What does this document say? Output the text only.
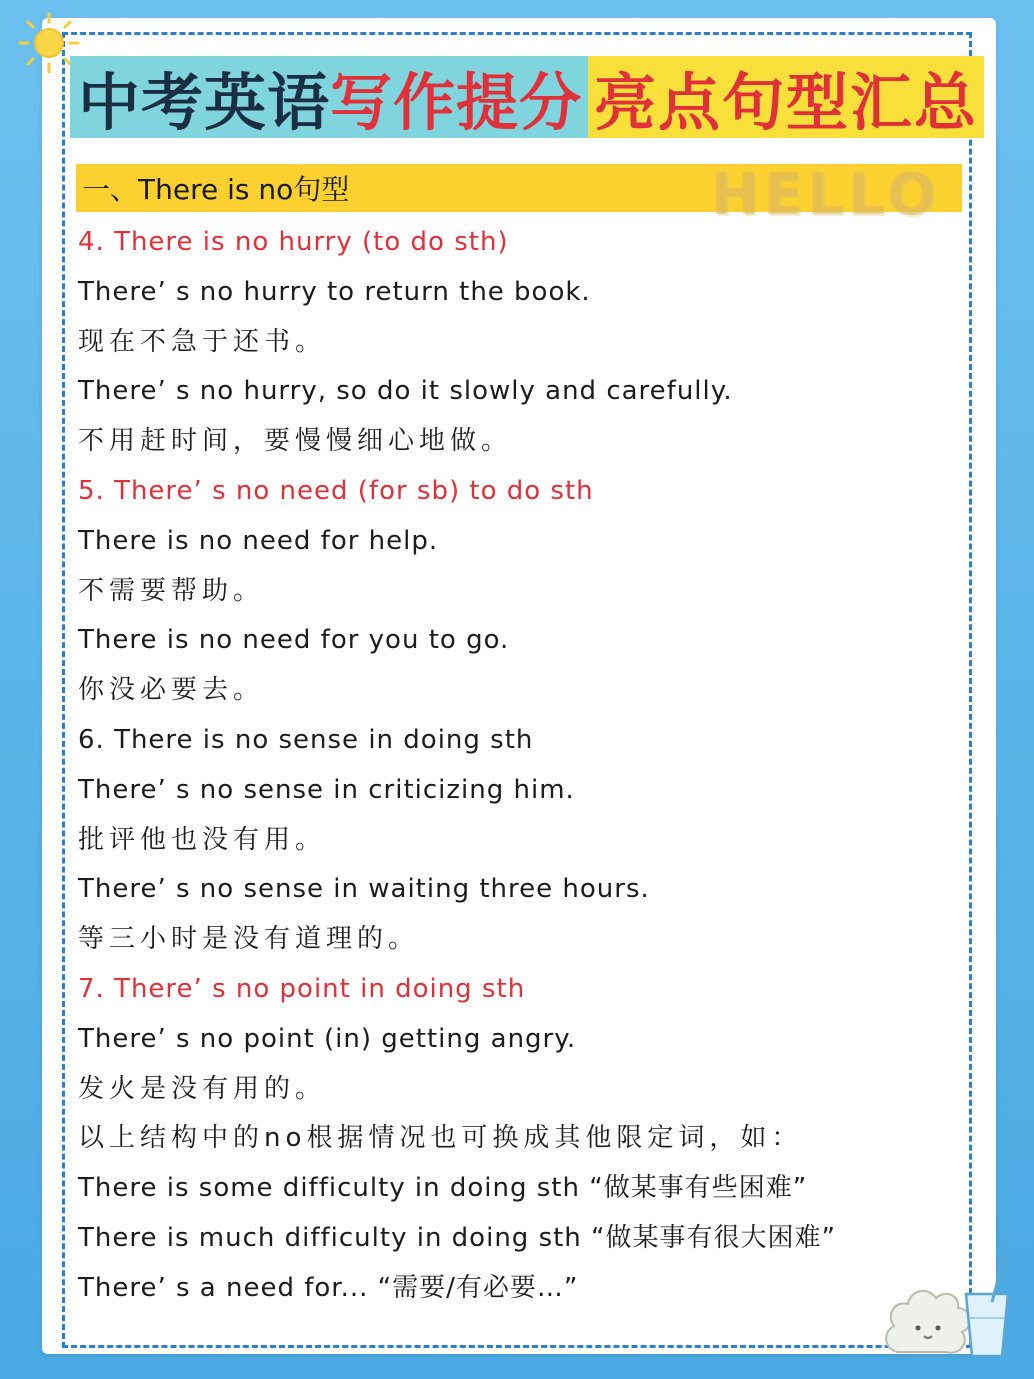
中考英语 写作提分 亮点句型汇总
一、There is no句型	HELLO
4. There is no hurry (to do sth)
There’ s no hurry to return the book.
现在不急于还书。
There’ s no hurry, so do it slowly and carefully.
不用赶时间，要慢慢细心地做。
5. There’ s no need (for sb) to do sth
There is no need for help.
不需要帮助。
There is no need for you to go.
你没必要去。
6. There is no sense in doing sth
There’ s no sense in criticizing him.
批评他也没有用。
There’ s no sense in waiting three hours.
等三小时是没有道理的。
7. There’ s no point in doing sth
There’ s no point (in) getting angry.
发火是没有用的。
以上结构中的no根据情况也可换成其他限定词，如：
There is some difficulty in doing sth “做某事有些困难”
There is much difficulty in doing sth “做某事有很大困难”
There’ s a need for... “需要/有必要…”
